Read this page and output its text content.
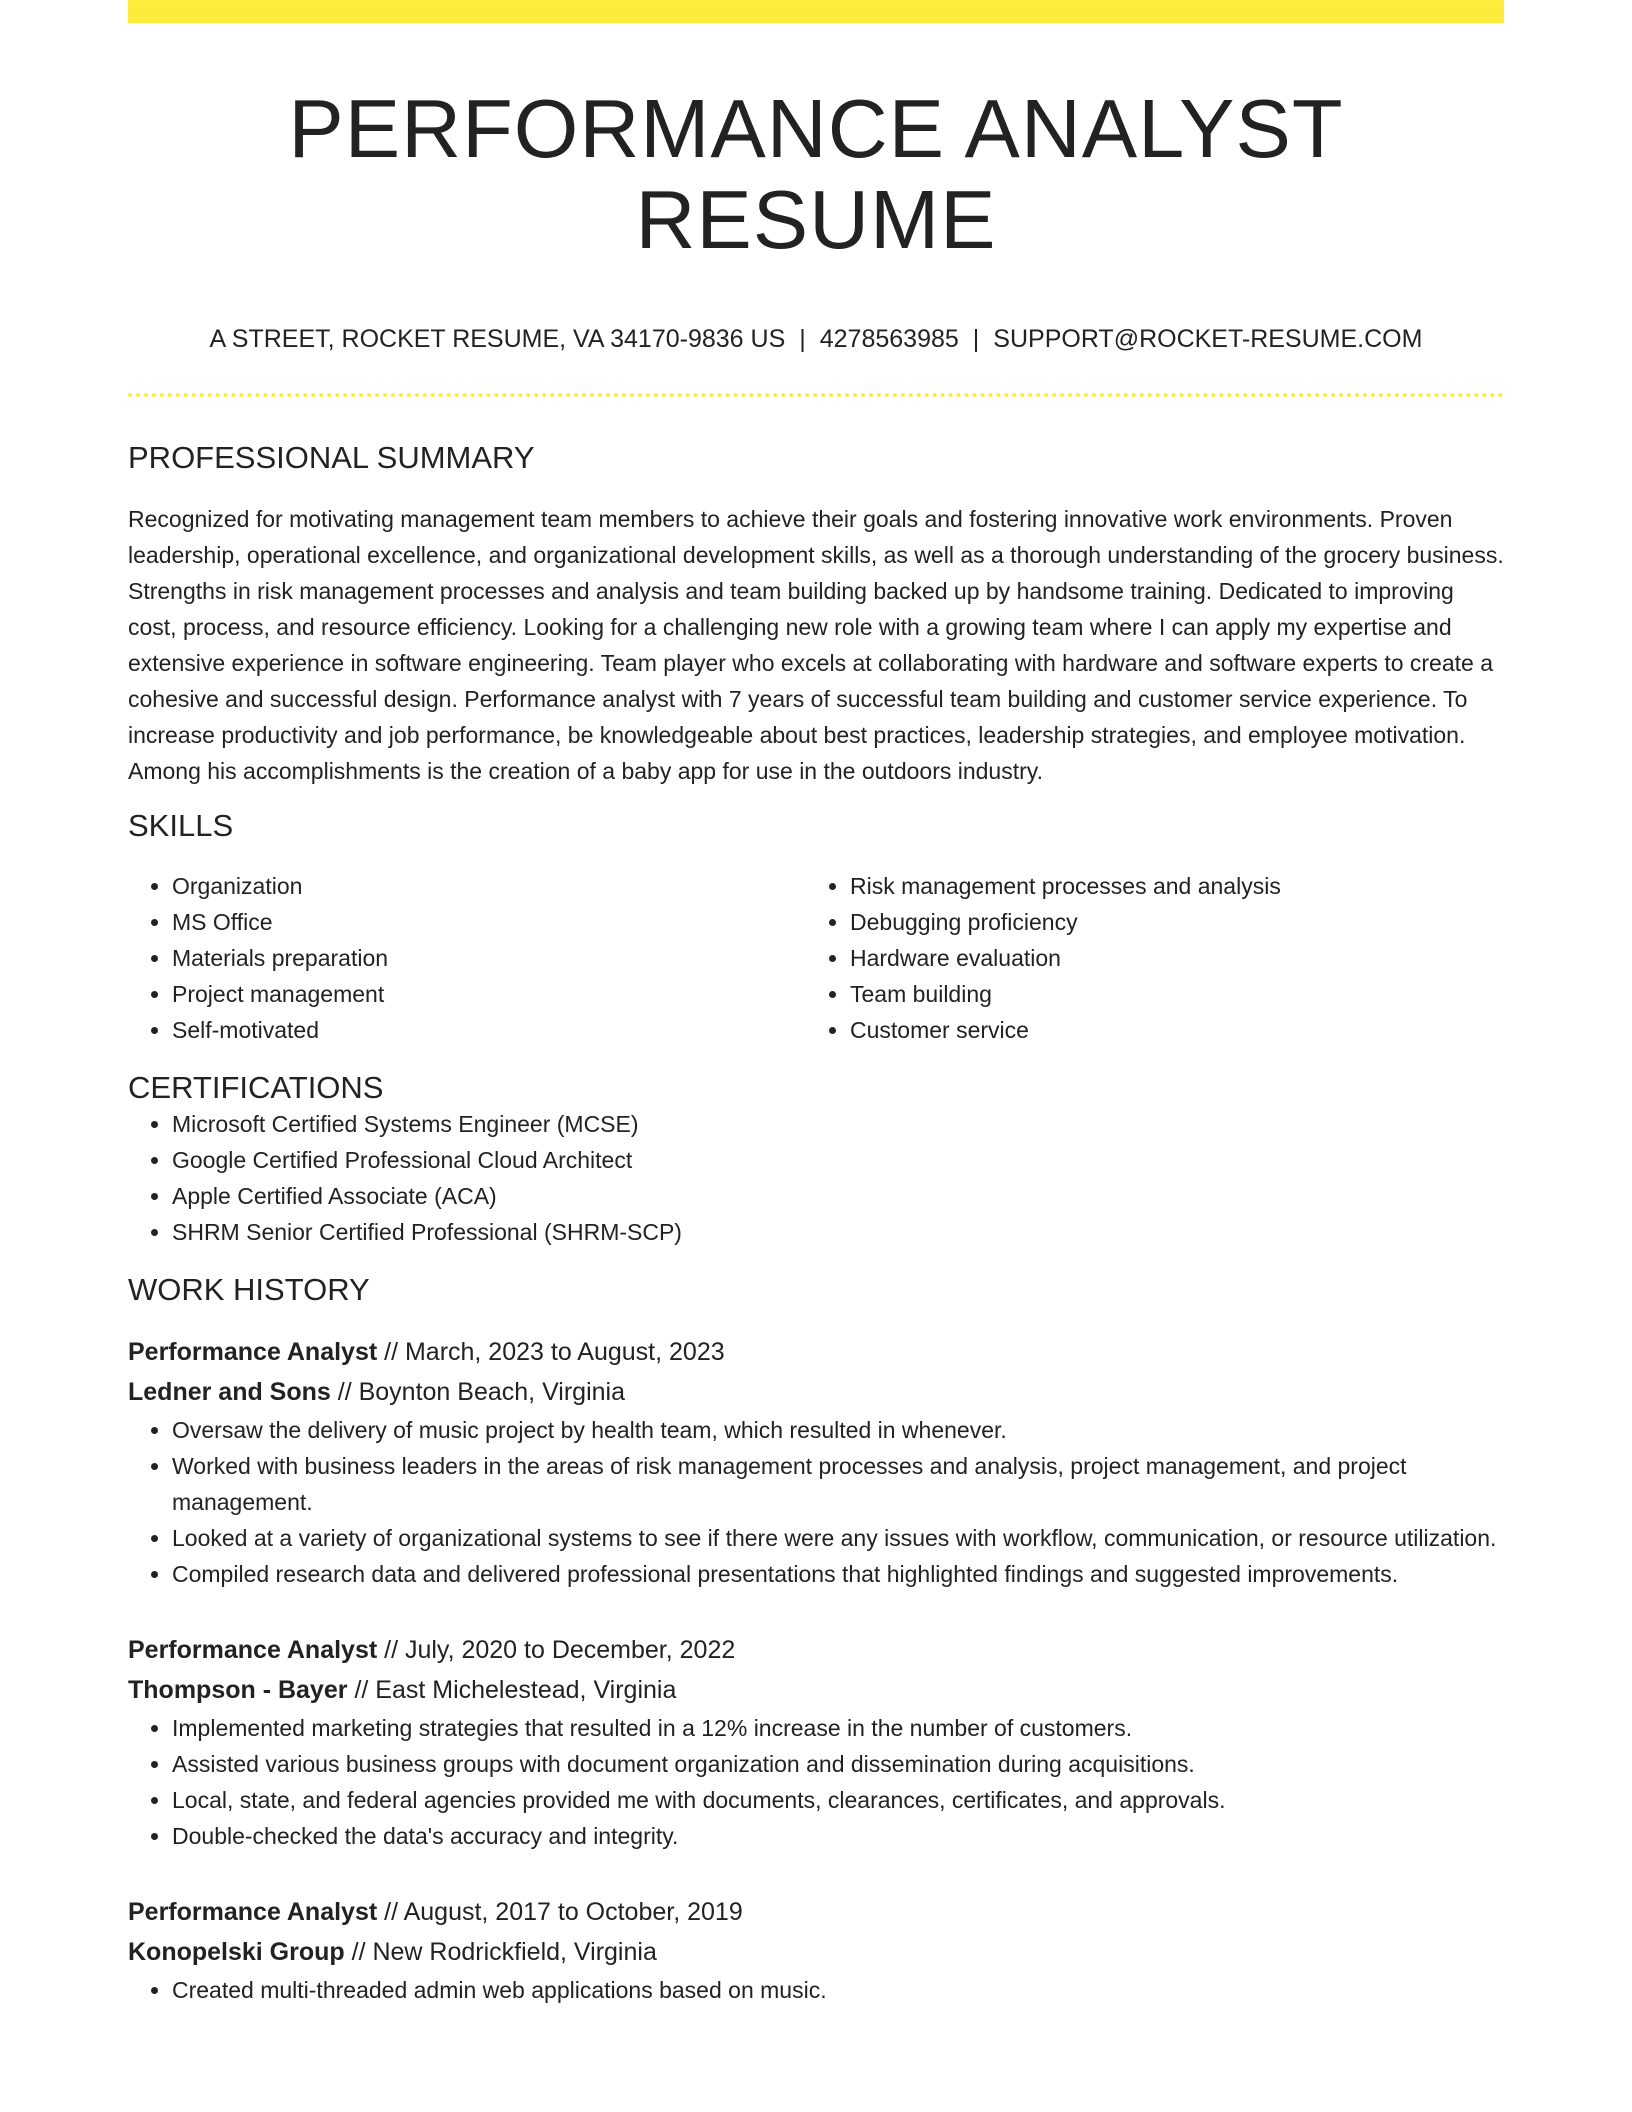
PERFORMANCE ANALYST RESUME
A STREET, ROCKET RESUME, VA 34170-9836 US | 4278563985 | SUPPORT@ROCKET-RESUME.COM
PROFESSIONAL SUMMARY

Recognized for motivating management team members to achieve their goals and fostering innovative work environments. Proven leadership, operational excellence, and organizational development skills, as well as a thorough understanding of the grocery business. Strengths in risk management processes and analysis and team building backed up by handsome training. Dedicated to improving cost, process, and resource efficiency. Looking for a challenging new role with a growing team where I can apply my expertise and extensive experience in software engineering. Team player who excels at collaborating with hardware and software experts to create a cohesive and successful design. Performance analyst with 7 years of successful team building and customer service experience. To increase productivity and job performance, be knowledgeable about best practices, leadership strategies, and employee motivation. Among his accomplishments is the creation of a baby app for use in the outdoors industry.

SKILLS
• Organization
• MS Office
• Materials preparation
• Project management
• Self-motivated
• Risk management processes and analysis
• Debugging proficiency
• Hardware evaluation
• Team building
• Customer service
CERTIFICATIONS
• Microsoft Certified Systems Engineer (MCSE)
• Google Certified Professional Cloud Architect
• Apple Certified Associate (ACA)
• SHRM Senior Certified Professional (SHRM-SCP)
WORK HISTORY
Performance Analyst // March, 2023 to August, 2023
Ledner and Sons // Boynton Beach, Virginia
• Oversaw the delivery of music project by health team, which resulted in whenever.
• Worked with business leaders in the areas of risk management processes and analysis, project management, and project management.
• Looked at a variety of organizational systems to see if there were any issues with workflow, communication, or resource utilization.
• Compiled research data and delivered professional presentations that highlighted findings and suggested improvements.
Performance Analyst // July, 2020 to December, 2022
Thompson - Bayer // East Michelestead, Virginia
• Implemented marketing strategies that resulted in a 12% increase in the number of customers.
• Assisted various business groups with document organization and dissemination during acquisitions.
• Local, state, and federal agencies provided me with documents, clearances, certificates, and approvals.
• Double-checked the data's accuracy and integrity.
Performance Analyst // August, 2017 to October, 2019
Konopelski Group // New Rodrickfield, Virginia
• Created multi-threaded admin web applications based on music.
